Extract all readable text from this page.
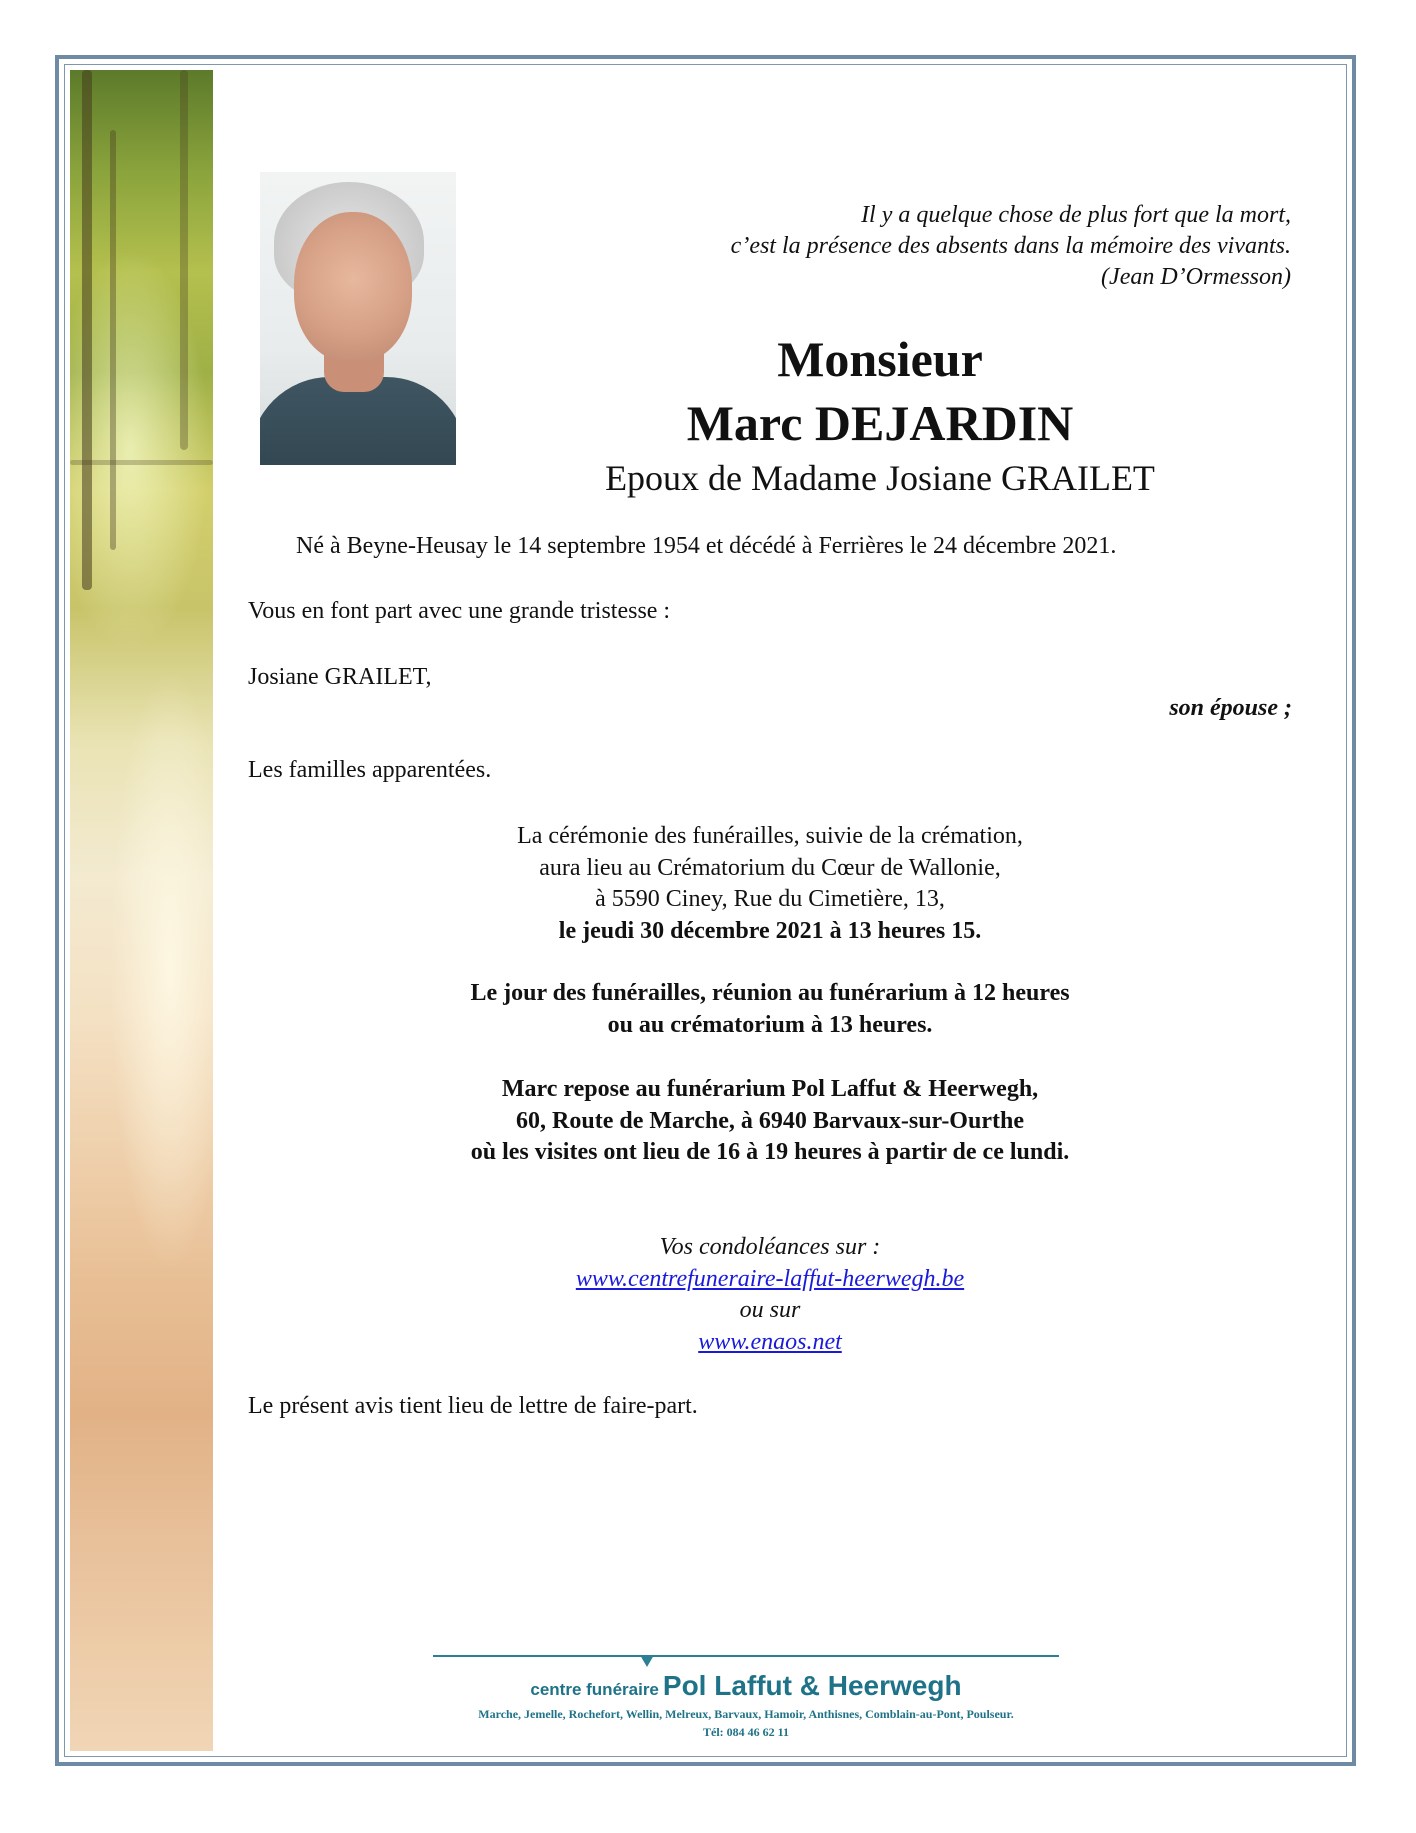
Il y a quelque chose de plus fort que la mort,
c’est la présence des absents dans la mémoire des vivants.
(Jean D’Ormesson)
Monsieur
Marc DEJARDIN
Epoux de Madame Josiane GRAILET
Né à Beyne-Heusay le 14 septembre 1954 et décédé à Ferrières le 24 décembre 2021.
Vous en font part avec une grande tristesse :
Josiane GRAILET,
son épouse ;
Les familles apparentées.
La cérémonie des funérailles, suivie de la crémation,
aura lieu au Crématorium du Cœur de Wallonie,
à 5590 Ciney, Rue du Cimetière, 13,
le jeudi 30 décembre 2021 à 13 heures 15.
Le jour des funérailles, réunion au funérarium à 12 heures
ou au crématorium à 13 heures.
Marc repose au funérarium Pol Laffut & Heerwegh,
60, Route de Marche, à 6940 Barvaux-sur-Ourthe
où les visites ont lieu de 16 à 19 heures à partir de ce lundi.
Vos condoléances sur :
www.centrefuneraire-laffut-heerwegh.be
ou sur
www.enaos.net
Le présent avis tient lieu de lettre de faire-part.
centre funéraire Pol Laffut & Heerwegh
Marche, Jemelle, Rochefort, Wellin, Melreux, Barvaux, Hamoir, Anthisnes, Comblain-au-Pont, Poulseur.
Tél: 084 46 62 11
